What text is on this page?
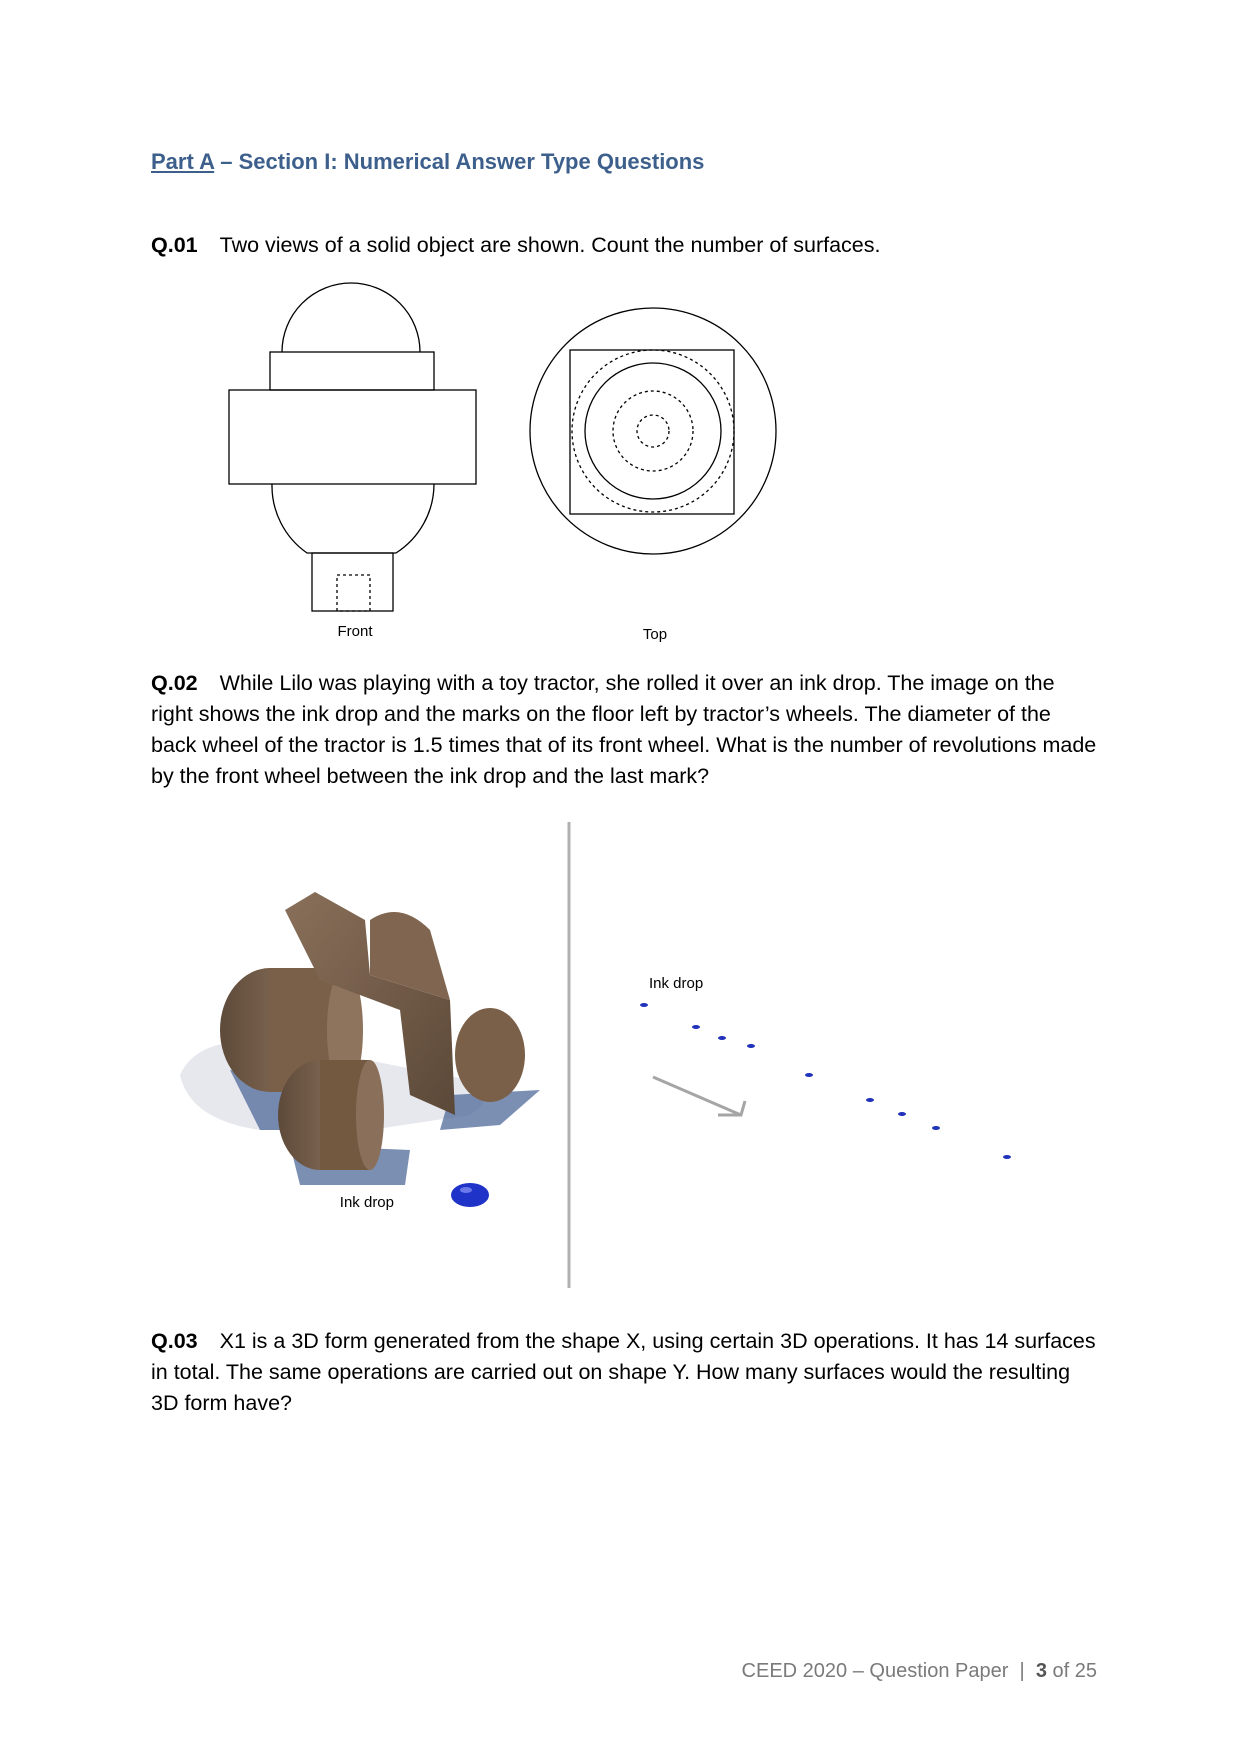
Part A – Section I: Numerical Answer Type Questions

Q.01 Two views of a solid object are shown. Count the number of surfaces.

Front	Top

Q.02 While Lilo was playing with a toy tractor, she rolled it over an ink drop. The image on the right shows the ink drop and the marks on the floor left by tractor’s wheels. The diameter of the back wheel of the tractor is 1.5 times that of its front wheel. What is the number of revolutions made by the front wheel between the ink drop and the last mark?

Ink drop
Ink drop

Q.03 X1 is a 3D form generated from the shape X, using certain 3D operations. It has 14 surfaces in total. The same operations are carried out on shape Y. How many surfaces would the resulting 3D form have?

CEED 2020 – Question Paper | 3 of 25
